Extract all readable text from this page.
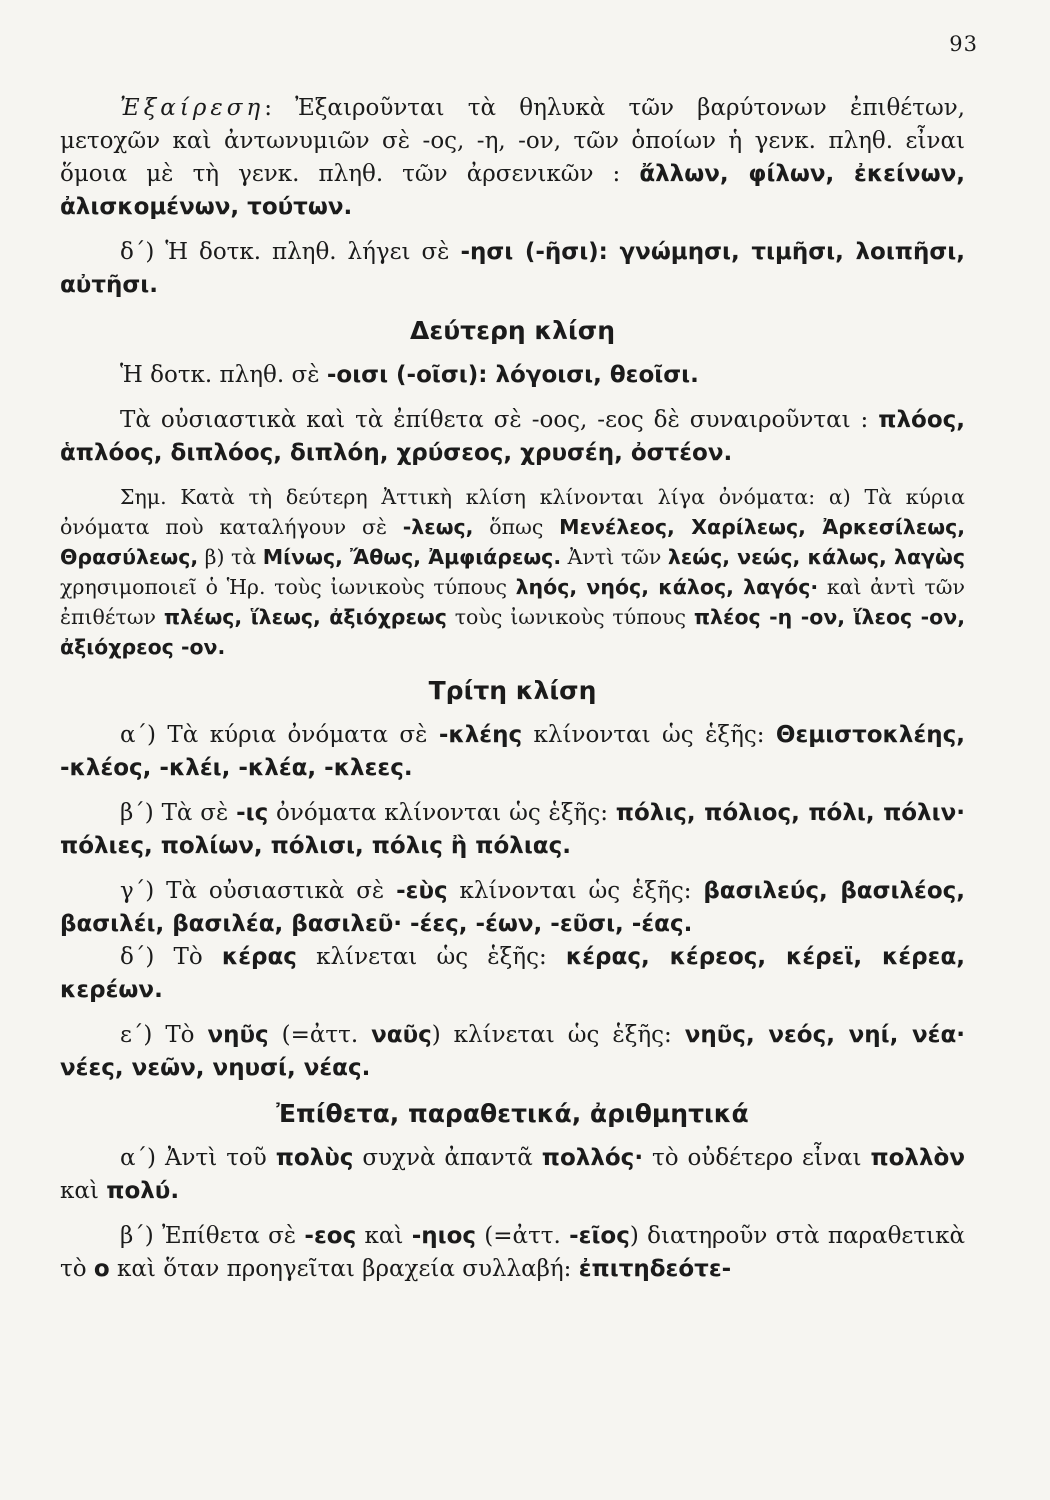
93

Ἐξαίρεση: Ἐξαιροῦνται τὰ θηλυκὰ τῶν βαρύτονων ἐπιθέτων, μετοχῶν καὶ ἀντωνυμιῶν σὲ -ος, -η, -ον, τῶν ὁποίων ἡ γενκ. πληθ. εἶναι ὅμοια μὲ τὴ γενκ. πληθ. τῶν ἀρσενικῶν : ἄλλων, φίλων, ἐκείνων, ἀλισκομένων, τούτων.

δ΄) Ἡ δοτκ. πληθ. λήγει σὲ -ησι (-ῆσι): γνώμησι, τιμῆσι, λοιπῆσι, αὐτῆσι.

Δεύτερη κλίση

Ἡ δοτκ. πληθ. σὲ -οισι (-οῖσι): λόγοισι, θεοῖσι.

Τὰ οὐσιαστικὰ καὶ τὰ ἐπίθετα σὲ -οος, -εος δὲ συναιροῦνται : πλόος, ἁπλόος, διπλόος, διπλόη, χρύσεος, χρυσέη, ὀστέον.

Σημ. Κατὰ τὴ δεύτερη Ἀττικὴ κλίση κλίνονται λίγα ὀνόματα: α) Τὰ κύρια ὀνόματα ποὺ καταλήγουν σὲ -λεως, ὅπως Μενέλεος, Χαρίλεως, Ἀρκεσίλεως, Θρασύλεως, β) τὰ Μίνως, Ἄθως, Ἀμφιάρεως. Ἀντὶ τῶν λεώς, νεώς, κάλως, λαγὼς χρησιμοποιεῖ ὁ Ἡρ. τοὺς ἰωνικοὺς τύπους ληός, νηός, κάλος, λαγός· καὶ ἀντὶ τῶν ἐπιθέτων πλέως, ἵλεως, ἀξιόχρεως τοὺς ἰωνικοὺς τύπους πλέος -η -ον, ἵλεος -ον, ἀξιόχρεος -ον.

Τρίτη κλίση

α΄) Τὰ κύρια ὀνόματα σὲ -κλέης κλίνονται ὡς ἑξῆς: Θεμιστοκλέης, -κλέος, -κλέι, -κλέα, -κλεες.

β΄) Τὰ σὲ -ις ὀνόματα κλίνονται ὡς ἑξῆς: πόλις, πόλιος, πόλι, πόλιν· πόλιες, πολίων, πόλισι, πόλις ἢ πόλιας.

γ΄) Τὰ οὐσιαστικὰ σὲ -εὺς κλίνονται ὡς ἑξῆς: βασιλεύς, βασιλέος, βασιλέι, βασιλέα, βασιλεῦ· -έες, -έων, -εῦσι, -έας.

δ΄) Τὸ κέρας κλίνεται ὡς ἑξῆς: κέρας, κέρεος, κέρεϊ, κέρεα, κερέων.

ε΄) Τὸ νηῦς (=ἀττ. ναῦς) κλίνεται ὡς ἑξῆς: νηῦς, νεός, νηί, νέα· νέες, νεῶν, νηυσί, νέας.

Ἐπίθετα, παραθετικά, ἀριθμητικά

α΄) Ἀντὶ τοῦ πολὺς συχνὰ ἀπαντᾶ πολλός· τὸ οὐδέτερο εἶναι πολλὸν καὶ πολύ.

β΄) Ἐπίθετα σὲ -εος καὶ -ηιος (=ἀττ. -εῖος) διατηροῦν στὰ παραθετικὰ τὸ ο καὶ ὅταν προηγεῖται βραχεία συλλαβή: ἐπιτηδεότε-
